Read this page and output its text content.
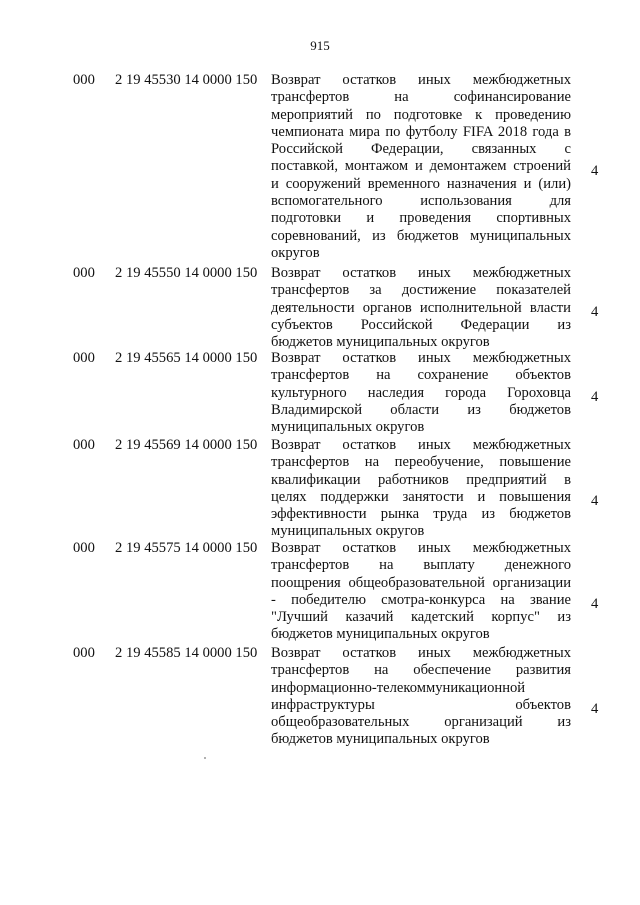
915
000 2 19 45530 14 0000 150 Возврат остатков иных межбюджетных
трансфертов на софинансирование
мероприятий по подготовке к проведению
чемпионата мира по футболу FIFA 2018 года в
Российской Федерации, связанных с
поставкой, монтажом и демонтажем строений
и сооружений временного назначения и (или)
вспомогательного использования для
подготовки и проведения спортивных
соревнований, из бюджетов муниципальных
округов
4
000 2 19 45550 14 0000 150 Возврат остатков иных межбюджетных
трансфертов за достижение показателей
деятельности органов исполнительной власти
субъектов Российской Федерации из
бюджетов муниципальных округов
4
000 2 19 45565 14 0000 150 Возврат остатков иных межбюджетных
трансфертов на сохранение объектов
культурного наследия города Гороховца
Владимирской области из бюджетов
муниципальных округов
4
000 2 19 45569 14 0000 150 Возврат остатков иных межбюджетных
трансфертов на переобучение, повышение
квалификации работников предприятий в
целях поддержки занятости и повышения
эффективности рынка труда из бюджетов
муниципальных округов
4
000 2 19 45575 14 0000 150 Возврат остатков иных межбюджетных
трансфертов на выплату денежного
поощрения общеобразовательной организации
- победителю смотра-конкурса на звание
"Лучший казачий кадетский корпус" из
бюджетов муниципальных округов
4
000 2 19 45585 14 0000 150 Возврат остатков иных межбюджетных
трансфертов на обеспечение развития
информационно-телекоммуникационной
инфраструктуры объектов
общеобразовательных организаций из
бюджетов муниципальных округов
4
